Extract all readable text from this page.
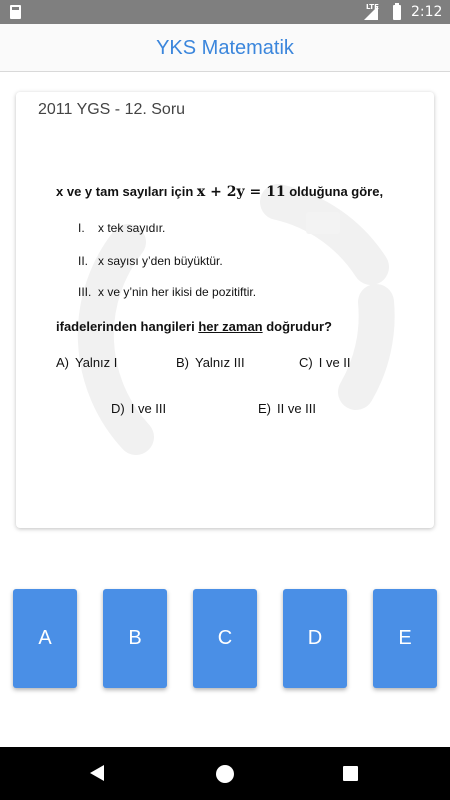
LTE 2:12
YKS Matematik
2011 YGS - 12. Soru
x ve y tam sayıları için x + 2y = 11 olduğuna göre,
I. x tek sayıdır.
II. x sayısı y’den büyüktür.
III. x ve y’nin her ikisi de pozitiftir.
ifadelerinden hangileri her zaman doğrudur?
A) Yalnız I	B) Yalnız III	C) I ve II
D) I ve III	E) II ve III
A	B	C	D	E
